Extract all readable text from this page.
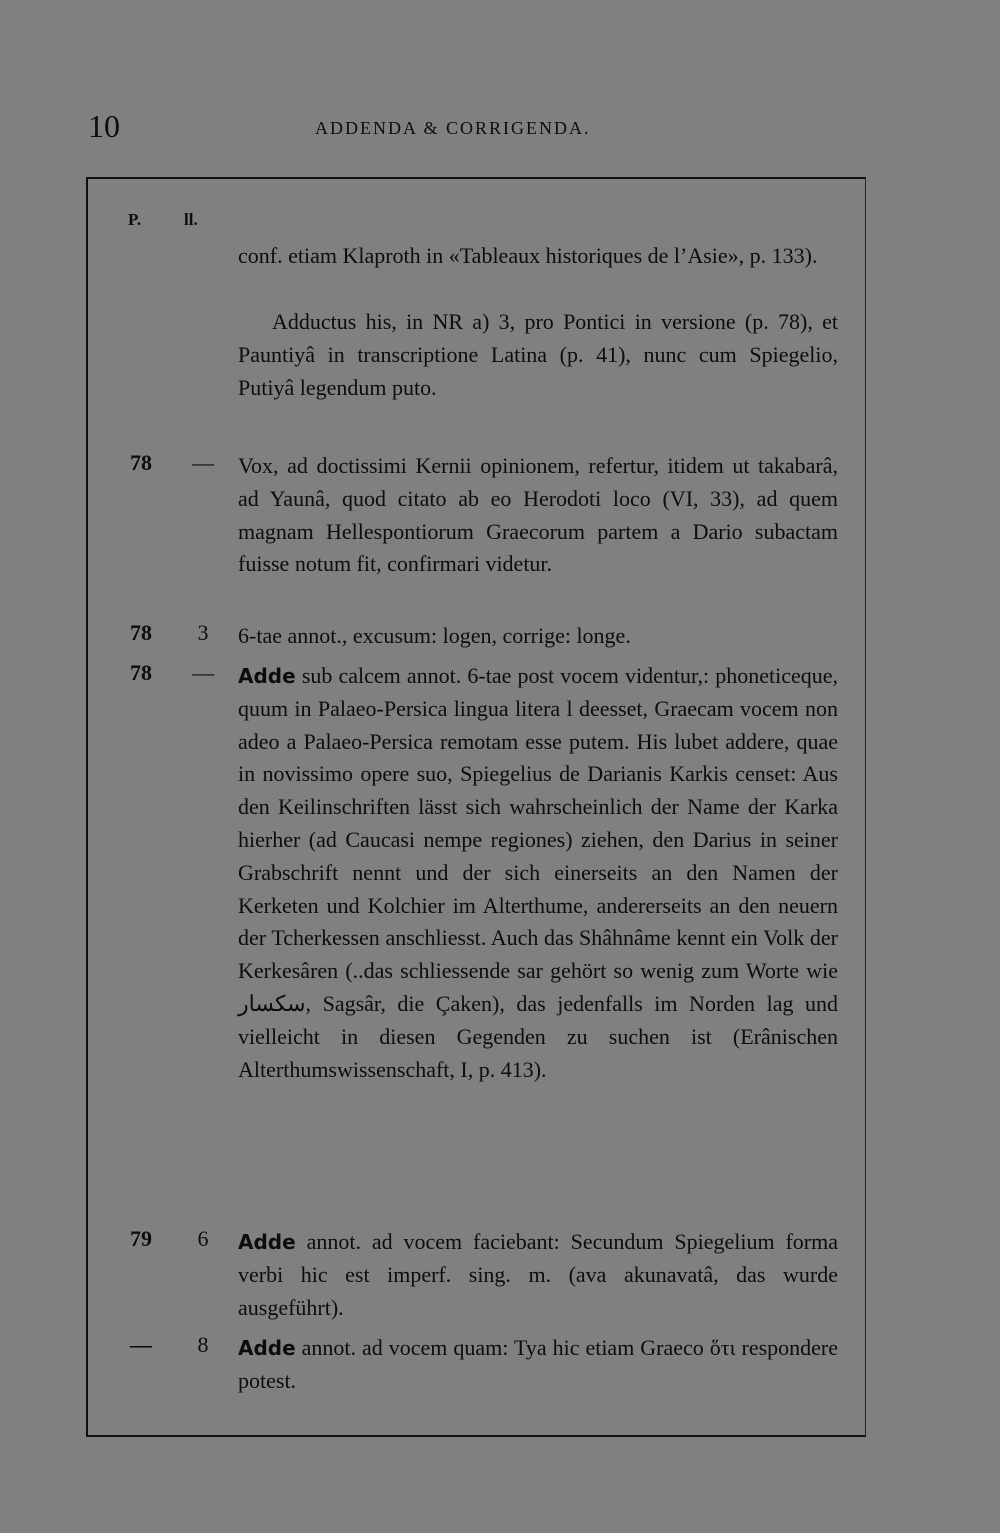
10	ADDENDA & CORRIGENDA.
P.	ll.
conf. etiam Klaproth in «Tableaux historiques de l’Asie», p. 133).
Adductus his, in NR a) 3, pro Pontici in versione (p. 78), et Pauntiyâ in transcriptione Latina (p. 41), nunc cum Spiegelio, Putiyâ legendum puto.
78	— Vox, ad doctissimi Kernii opinionem, refertur, itidem ut takabarâ, ad Yaunâ, quod citato ab eo Herodoti loco (VI, 33), ad quem magnam Hellespontiorum Graecorum partem a Dario subactam fuisse notum fit, confirmari videtur.
78	3	6-tae annot., excusum: logen, corrige: longe.
78	— Adde sub calcem annot. 6-tae post vocem videntur,: phoneticeque, quum in Palaeo-Persica lingua litera l deesset, Graecam vocem non adeo a Palaeo-Persica remotam esse putem. His lubet addere, quae in novissimo opere suo, Spiegelius de Darianis Karkis censet: Aus den Keilinschriften lässt sich wahrscheinlich der Name der Karka hierher (ad Caucasi nempe regiones) ziehen, den Darius in seiner Grabschrift nennt und der sich einerseits an den Namen der Kerketen und Kolchier im Alterthume, andererseits an den neuern der Tcherkessen anschliesst. Auch das Shâhnâme kennt ein Volk der Kerkesâren (..das schliessende sar gehört so wenig zum Worte wie سكسار, Sagsâr, die Çaken), das jedenfalls im Norden lag und vielleicht in diesen Gegenden zu suchen ist (Erânischen Alterthumswissenschaft, I, p. 413).
79	6	Adde annot. ad vocem faciebant: Secundum Spiegelium forma verbi hic est imperf. sing. m. (ava akunavatâ, das wurde ausgeführt).
—	8	Adde annot. ad vocem quam: Tya hic etiam Graeco ὅτι respondere potest.
